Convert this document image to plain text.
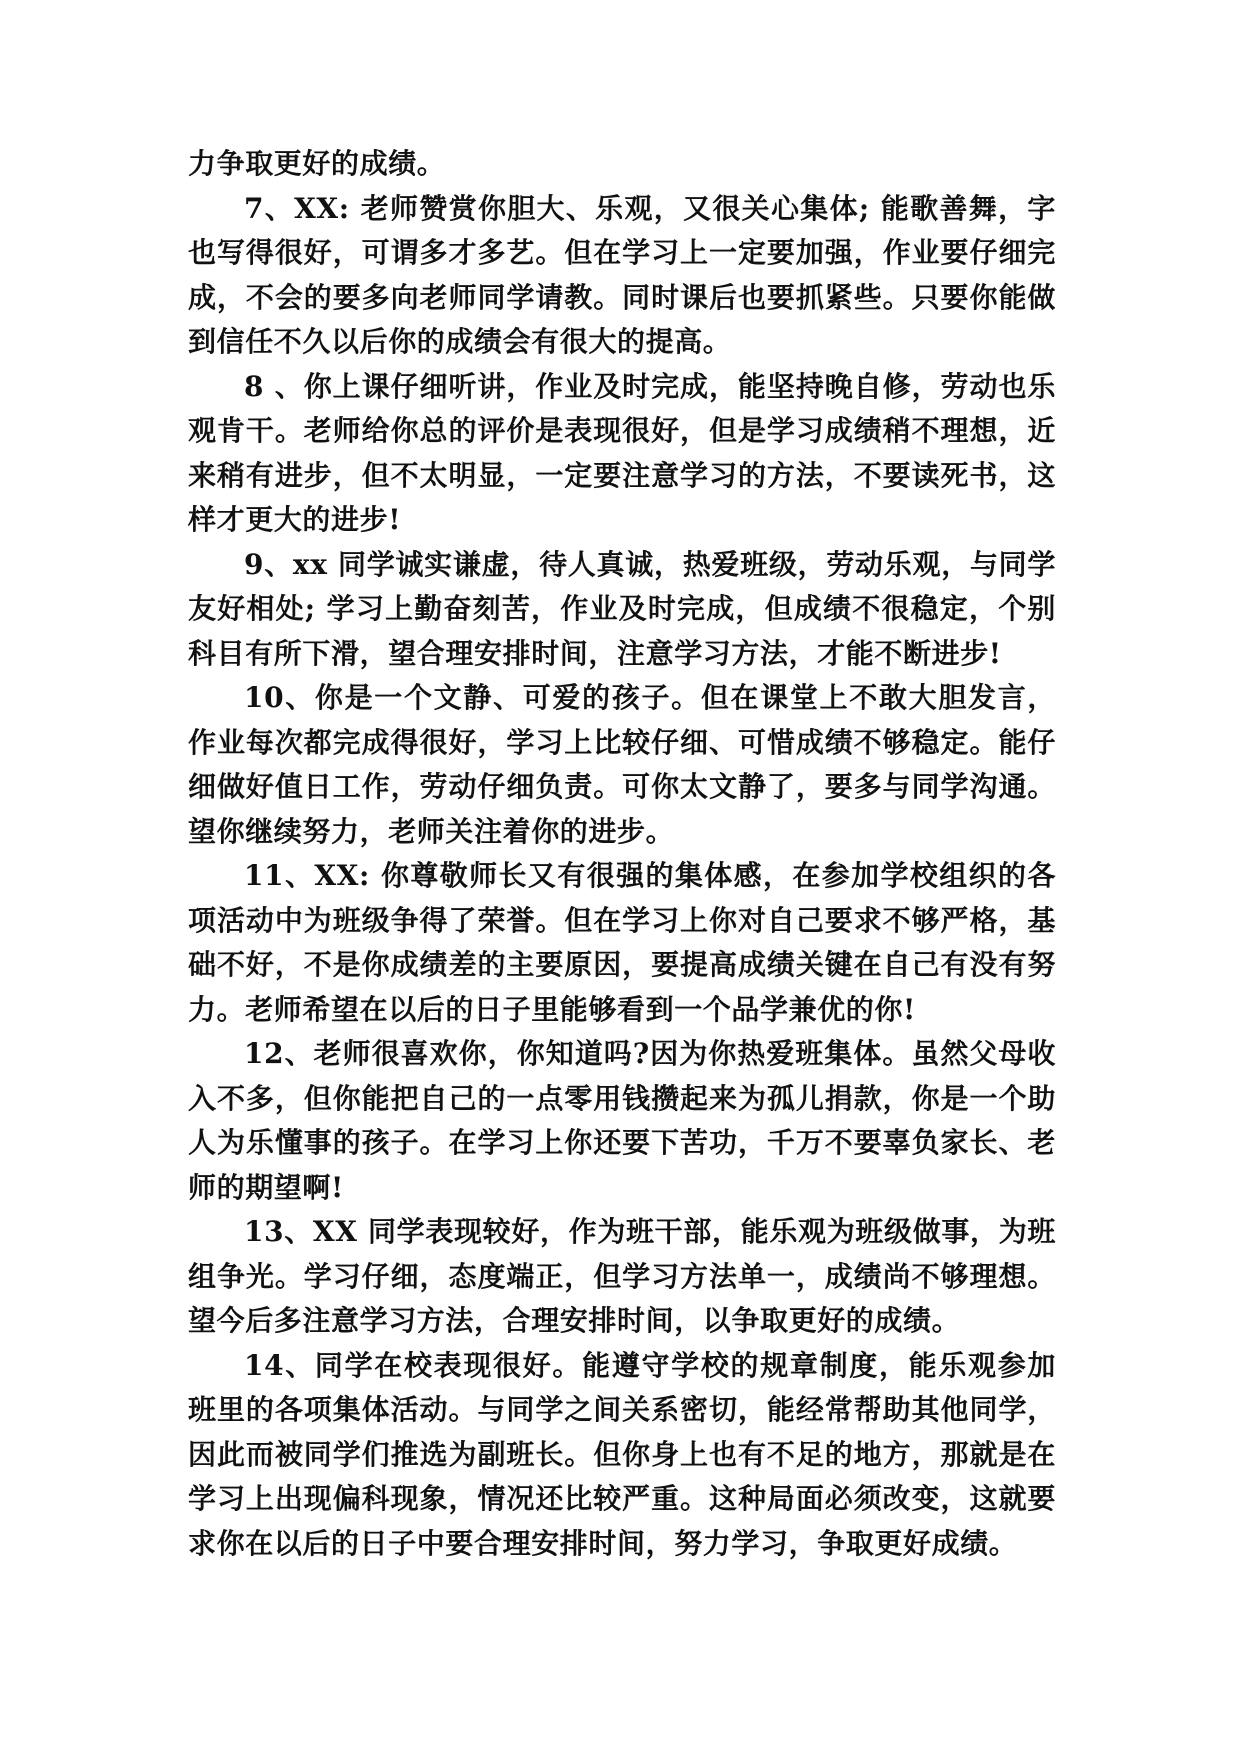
力争取更好的成绩。

7、XX: 老师赞赏你胆大、乐观，又很关心集体; 能歌善舞，字也写得很好，可谓多才多艺。但在学习上一定要加强，作业要仔细完成，不会的要多向老师同学请教。同时课后也要抓紧些。只要你能做到信任不久以后你的成绩会有很大的提高。

8 、你上课仔细听讲，作业及时完成，能坚持晚自修，劳动也乐观肯干。老师给你总的评价是表现很好，但是学习成绩稍不理想，近来稍有进步，但不太明显，一定要注意学习的方法，不要读死书，这样才更大的进步!

9、xx 同学诚实谦虚，待人真诚，热爱班级，劳动乐观，与同学友好相处; 学习上勤奋刻苦，作业及时完成，但成绩不很稳定，个别科目有所下滑，望合理安排时间，注意学习方法，才能不断进步!

10、你是一个文静、可爱的孩子。但在课堂上不敢大胆发言，作业每次都完成得很好，学习上比较仔细、可惜成绩不够稳定。能仔细做好值日工作，劳动仔细负责。可你太文静了，要多与同学沟通。望你继续努力，老师关注着你的进步。

11、XX: 你尊敬师长又有很强的集体感，在参加学校组织的各项活动中为班级争得了荣誉。但在学习上你对自己要求不够严格，基础不好，不是你成绩差的主要原因，要提高成绩关键在自己有没有努力。老师希望在以后的日子里能够看到一个品学兼优的你!

12、老师很喜欢你，你知道吗?因为你热爱班集体。虽然父母收入不多，但你能把自己的一点零用钱攒起来为孤儿捐款，你是一个助人为乐懂事的孩子。在学习上你还要下苦功，千万不要辜负家长、老师的期望啊!

13、XX 同学表现较好，作为班干部，能乐观为班级做事，为班组争光。学习仔细，态度端正，但学习方法单一，成绩尚不够理想。望今后多注意学习方法，合理安排时间，以争取更好的成绩。

14、同学在校表现很好。能遵守学校的规章制度，能乐观参加班里的各项集体活动。与同学之间关系密切，能经常帮助其他同学，因此而被同学们推选为副班长。但你身上也有不足的地方，那就是在学习上出现偏科现象，情况还比较严重。这种局面必须改变，这就要求你在以后的日子中要合理安排时间，努力学习，争取更好成绩。
